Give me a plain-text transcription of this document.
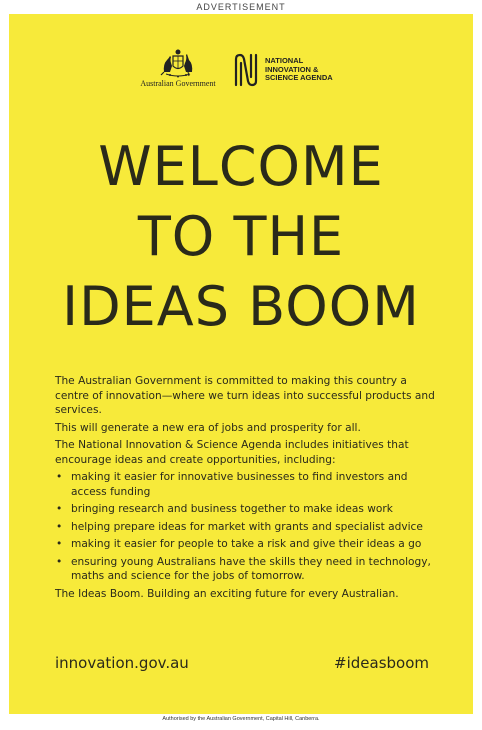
ADVERTISEMENT
Australian Government
NATIONAL
INNOVATION &
SCIENCE AGENDA
WELCOME
TO THE
IDEAS BOOM

The Australian Government is committed to making this country a centre of innovation—where we turn ideas into successful products and services.

This will generate a new era of jobs and prosperity for all.

The National Innovation & Science Agenda includes initiatives that encourage ideas and create opportunities, including:

• making it easier for innovative businesses to find investors and access funding
• bringing research and business together to make ideas work
• helping prepare ideas for market with grants and specialist advice
• making it easier for people to take a risk and give their ideas a go
• ensuring young Australians have the skills they need in technology, maths and science for the jobs of tomorrow.

The Ideas Boom. Building an exciting future for every Australian.

innovation.gov.au	#ideasboom
Authorised by the Australian Government, Capital Hill, Canberra.
